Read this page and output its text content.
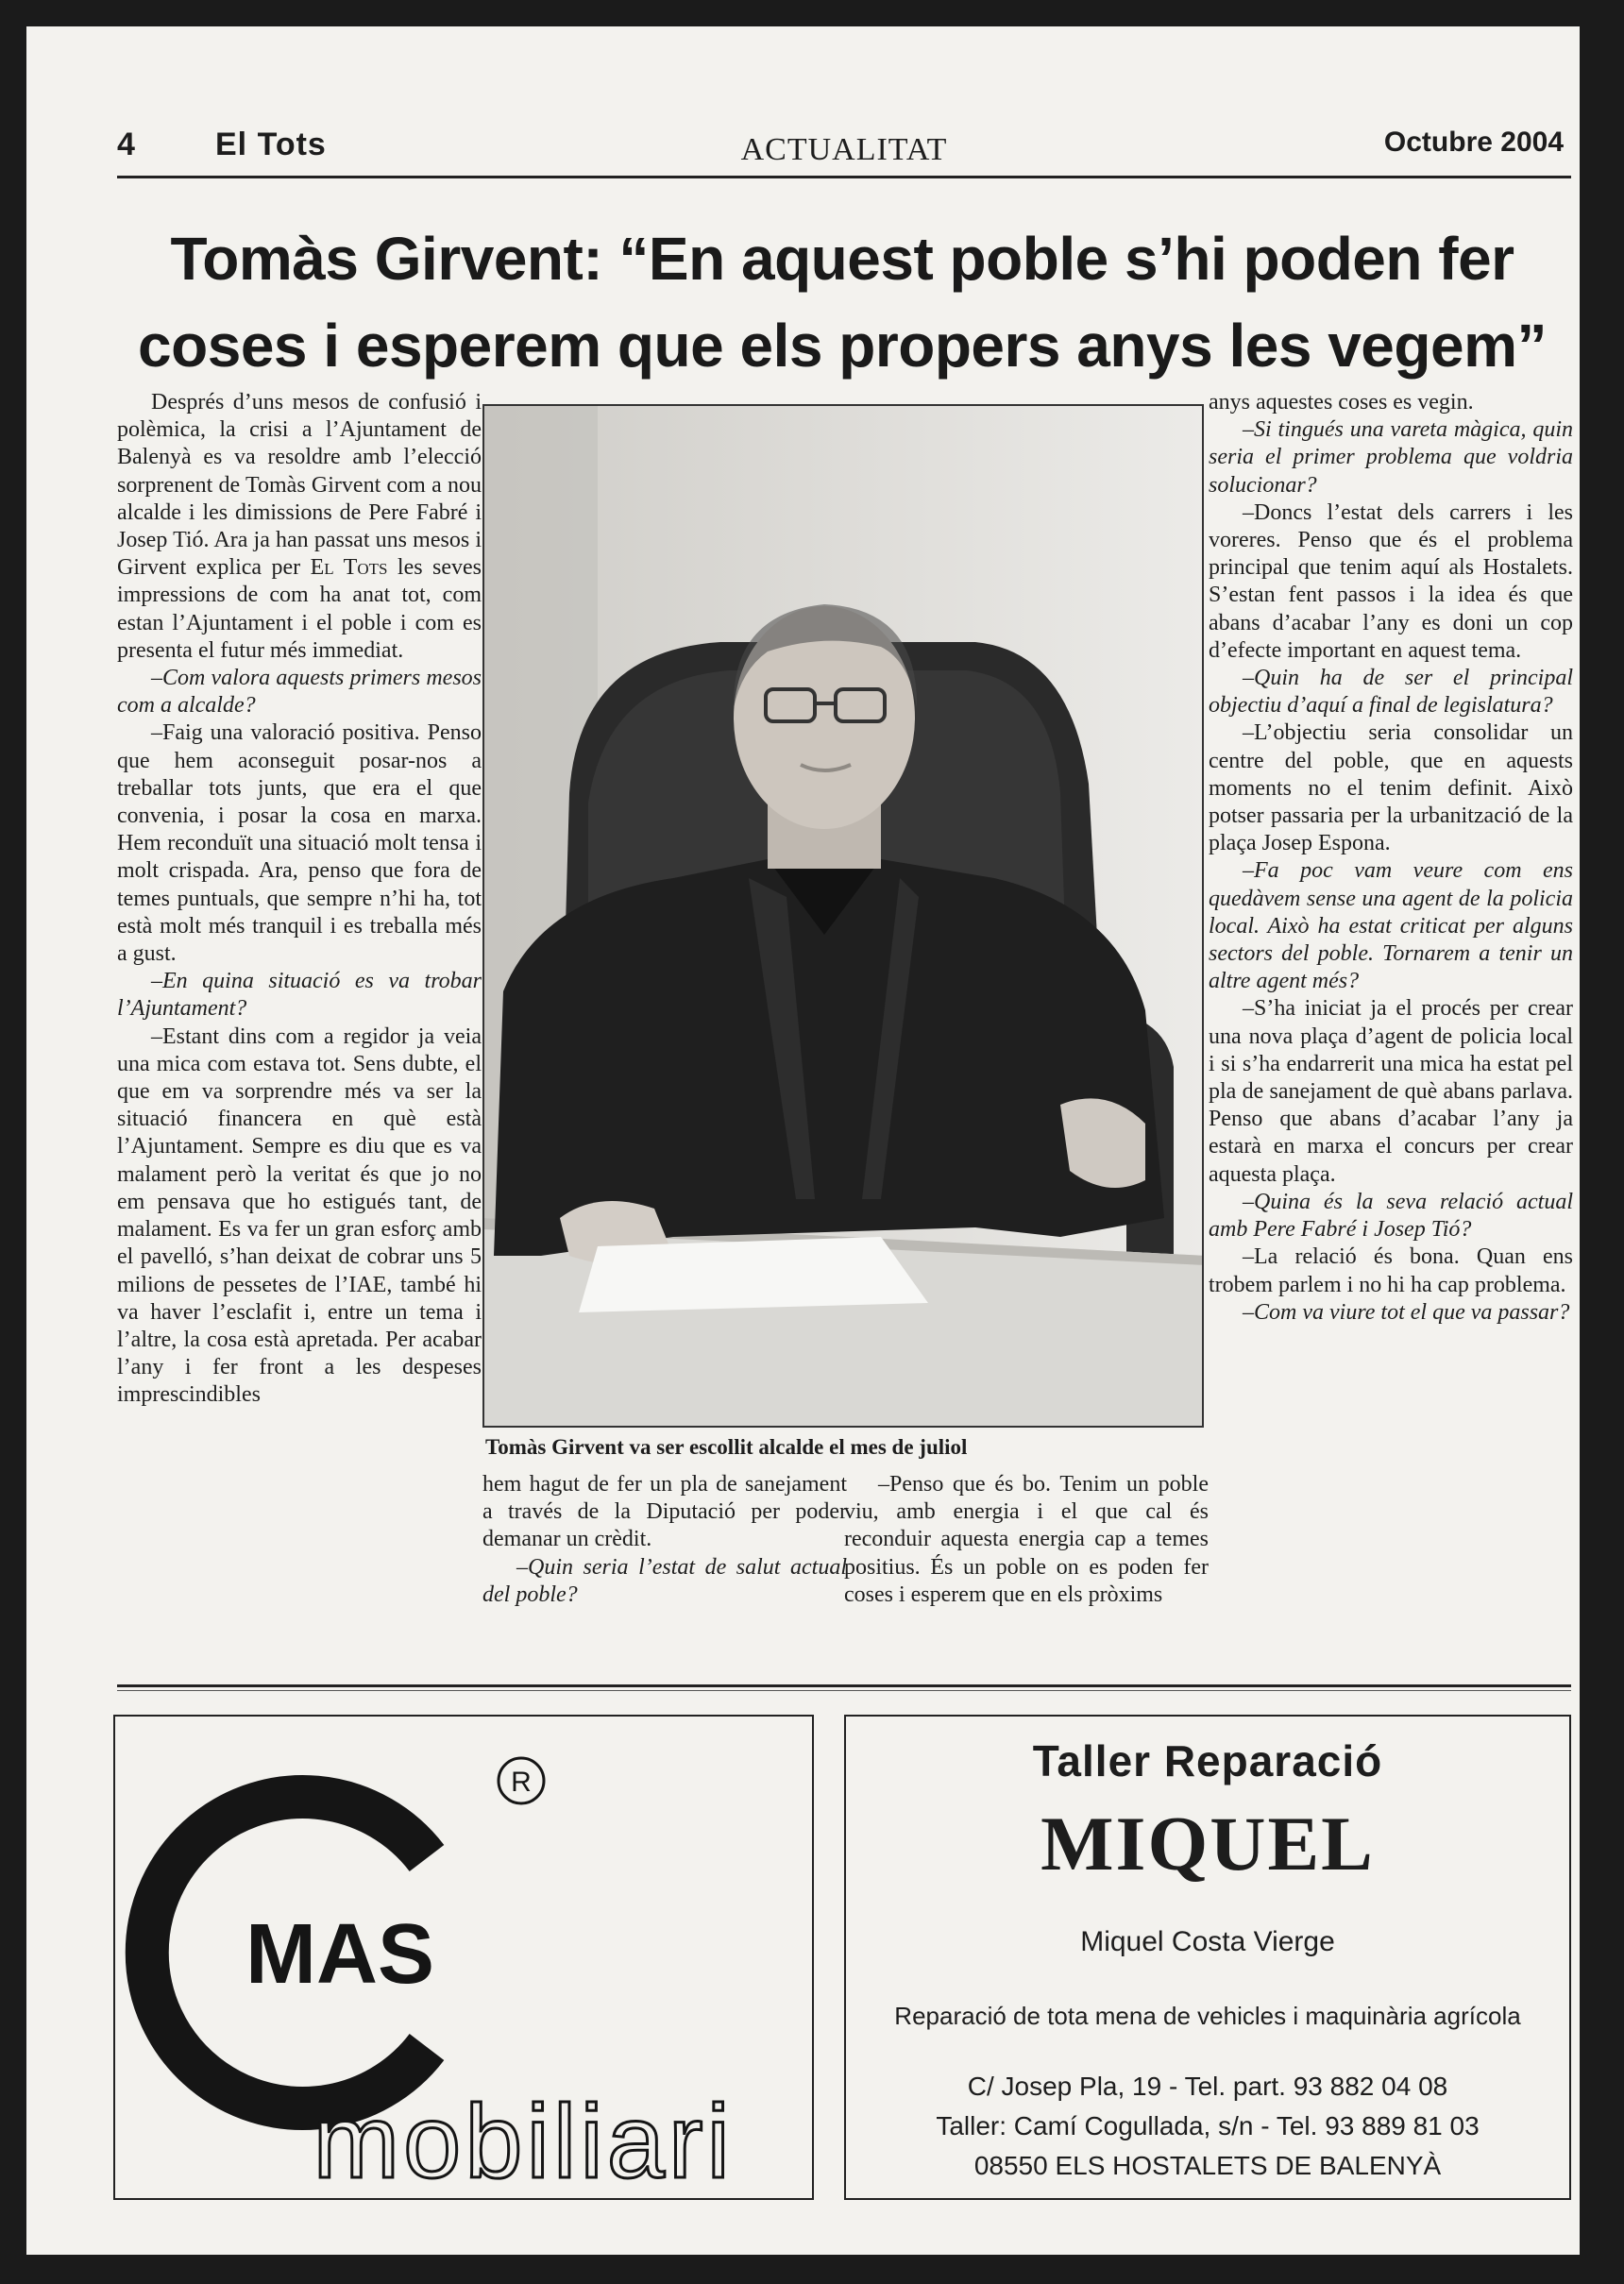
4	El Tots	ACTUALITAT	Octubre 2004
Tomàs Girvent: “En aquest poble s’hi poden fer
coses i esperem que els propers anys les vegem”

Després d’uns mesos de confusió i polèmica, la crisi a l’Ajuntament de Balenyà es va resoldre amb l’elecció sorprenent de Tomàs Girvent com a nou alcalde i les dimissions de Pere Fabré i Josep Tió. Ara ja han passat uns mesos i Girvent explica per El Tots les seves impressions de com ha anat tot, com estan l’Ajuntament i el poble i com es presenta el futur més immediat.

–Com valora aquests primers mesos com a alcalde?

–Faig una valoració positiva. Penso que hem aconseguit posar-nos a treballar tots junts, que era el que convenia, i posar la cosa en marxa. Hem reconduït una situació molt tensa i molt crispada. Ara, penso que fora de temes puntuals, que sempre n’hi ha, tot està molt més tranquil i es treballa més a gust.

–En quina situació es va trobar l’Ajuntament?

–Estant dins com a regidor ja veia una mica com estava tot. Sens dubte, el que em va sorprendre més va ser la situació financera en què està l’Ajuntament. Sempre es diu que es va malament però la veritat és que jo no em pensava que ho estigués tant, de malament. Es va fer un gran esforç amb el pavelló, s’han deixat de cobrar uns 5 milions de pessetes de l’IAE, també hi va haver l’esclafit i, entre un tema i l’altre, la cosa està apretada. Per acabar l’any i fer front a les despeses imprescindibles

Tomàs Girvent va ser escollit alcalde el mes de juliol

hem hagut de fer un pla de sanejament a través de la Diputació per poder demanar un crèdit.

–Quin seria l’estat de salut actual del poble?

–Penso que és bo. Tenim un poble viu, amb energia i el que cal és reconduir aquesta energia cap a temes positius. És un poble on es poden fer coses i esperem que en els pròxims

anys aquestes coses es vegin.

–Si tingués una vareta màgica, quin seria el primer problema que voldria solucionar?

–Doncs l’estat dels carrers i les voreres. Penso que és el problema principal que tenim aquí als Hostalets. S’estan fent passos i la idea és que abans d’acabar l’any es doni un cop d’efecte important en aquest tema.

–Quin ha de ser el principal objectiu d’aquí a final de legislatura?

–L’objectiu seria consolidar un centre del poble, que en aquests moments no el tenim definit. Això potser passaria per la urbanització de la plaça Josep Espona.

–Fa poc vam veure com ens quedàvem sense una agent de la policia local. Això ha estat criticat per alguns sectors del poble. Tornarem a tenir un altre agent més?

–S’ha iniciat ja el procés per crear una nova plaça d’agent de policia local i si s’ha endarrerit una mica ha estat pel pla de sanejament de què abans parlava. Penso que abans d’acabar l’any ja estarà en marxa el concurs per crear aquesta plaça.

–Quina és la seva relació actual amb Pere Fabré i Josep Tió?

–La relació és bona. Quan ens trobem parlem i no hi ha cap problema.

–Com va viure tot el que va passar?

MAS
R
mobiliari
Taller Reparació
MIQUEL
Miquel Costa Vierge
Reparació de tota mena de vehicles i maquinària agrícola
C/ Josep Pla, 19 - Tel. part. 93 882 04 08
Taller: Camí Cogullada, s/n - Tel. 93 889 81 03
08550 ELS HOSTALETS DE BALENYÀ
